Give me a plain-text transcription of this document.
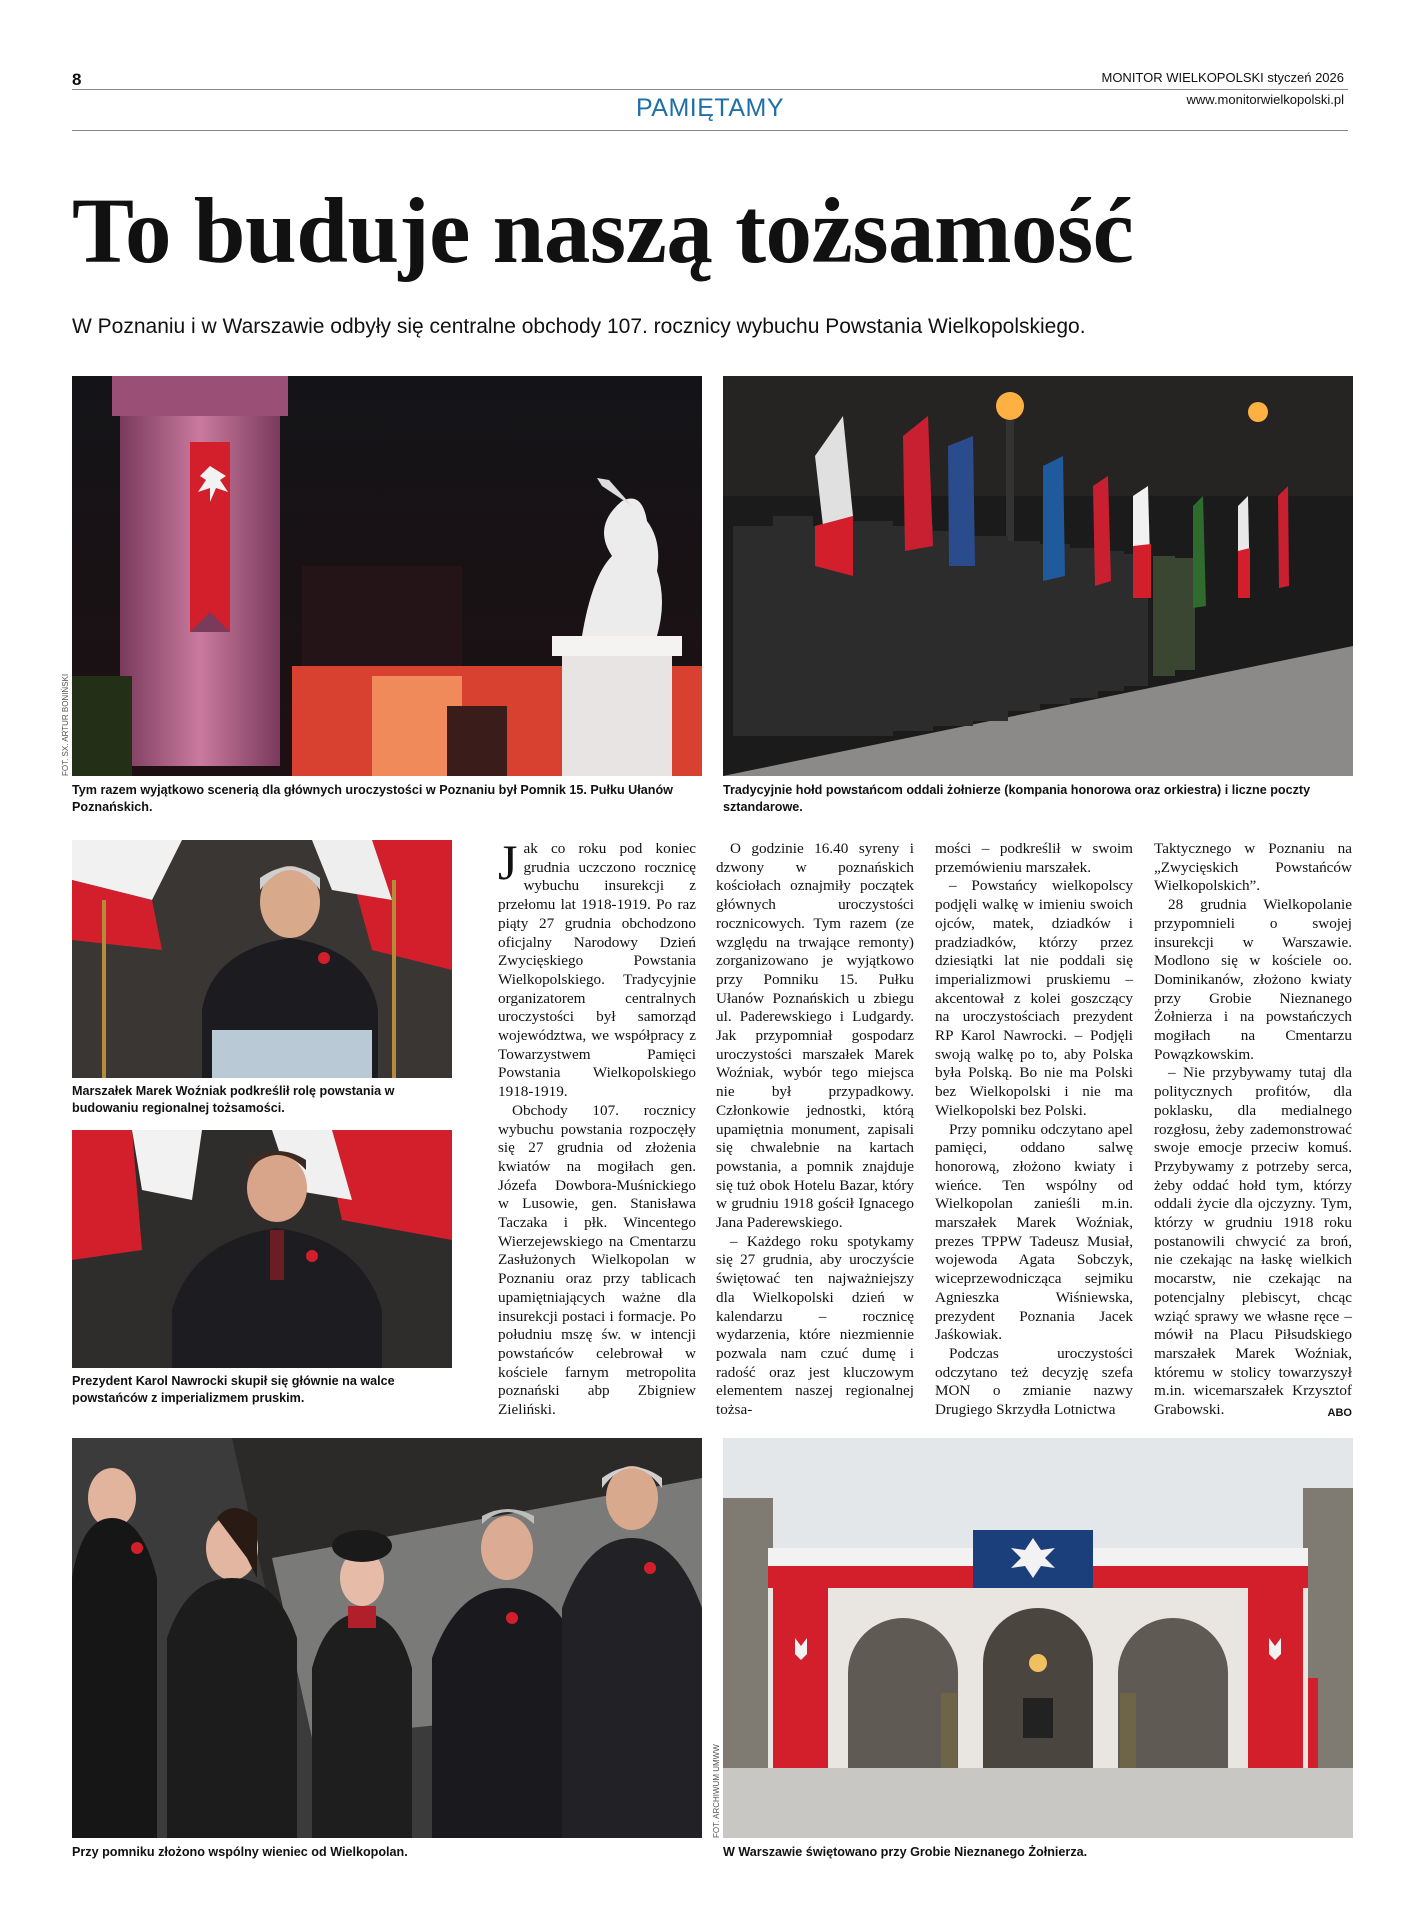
8	MONITOR WIELKOPOLSKI styczeń 2026
www.monitorwielkopolski.pl
PAMIĘTAMY
To buduje naszą tożsamość
W Poznaniu i w Warszawie odbyły się centralne obchody 107. rocznicy wybuchu Powstania Wielkopolskiego.
FOT. SX. ARTUR BONIŃSKI
Tym razem wyjątkowo scenerią dla głównych uroczystości w Poznaniu był Pomnik 15. Pułku Ułanów Poznańskich.
Tradycyjnie hołd powstańcom oddali żołnierze (kompania honorowa oraz orkiestra) i liczne poczty sztandarowe.
Marszałek Marek Woźniak podkreślił rolę powstania w budowaniu regionalnej tożsamości.
Prezydent Karol Nawrocki skupił się głównie na walce powstańców z imperializmem pruskim.

Jak co roku pod koniec grudnia uczczono rocznicę wybuchu insurekcji z przełomu lat 1918-1919. Po raz piąty 27 grudnia obchodzono oficjalny Narodowy Dzień Zwycięskiego Powstania Wielkopolskiego. Tradycyjnie organizatorem centralnych uroczystości był samorząd województwa, we współpracy z Towarzystwem Pamięci Powstania Wielkopolskiego 1918-1919.

Obchody 107. rocznicy wybuchu powstania rozpoczęły się 27 grudnia od złożenia kwiatów na mogiłach gen. Józefa Dowbora-Muśnickiego w Lusowie, gen. Stanisława Taczaka i płk. Wincentego Wierzejewskiego na Cmentarzu Zasłużonych Wielkopolan w Poznaniu oraz przy tablicach upamiętniających ważne dla insurekcji postaci i formacje. Po południu mszę św. w intencji powstańców celebrował w kościele farnym metropolita poznański abp Zbigniew Zieliński.

O godzinie 16.40 syreny i dzwony w poznańskich kościołach oznajmiły początek głównych uroczystości rocznicowych. Tym razem (ze względu na trwające remonty) zorganizowano je wyjątkowo przy Pomniku 15. Pułku Ułanów Poznańskich u zbiegu ul. Paderewskiego i Ludgardy. Jak przypomniał gospodarz uroczystości marszałek Marek Woźniak, wybór tego miejsca nie był przypadkowy. Członkowie jednostki, którą upamiętnia monument, zapisali się chwalebnie na kartach powstania, a pomnik znajduje się tuż obok Hotelu Bazar, który w grudniu 1918 gościł Ignacego Jana Paderewskiego.

– Każdego roku spotykamy się 27 grudnia, aby uroczyście świętować ten najważniejszy dla Wielkopolski dzień w kalendarzu – rocznicę wydarzenia, które niezmiennie pozwala nam czuć dumę i radość oraz jest kluczowym elementem naszej regionalnej tożsa-

mości – podkreślił w swoim przemówieniu marszałek.

– Powstańcy wielkopolscy podjęli walkę w imieniu swoich ojców, matek, dziadków i pradziadków, którzy przez dziesiątki lat nie poddali się imperializmowi pruskiemu – akcentował z kolei goszczący na uroczystościach prezydent RP Karol Nawrocki. – Podjęli swoją walkę po to, aby Polska była Polską. Bo nie ma Polski bez Wielkopolski i nie ma Wielkopolski bez Polski.

Przy pomniku odczytano apel pamięci, oddano salwę honorową, złożono kwiaty i wieńce. Ten wspólny od Wielkopolan zanieśli m.in. marszałek Marek Woźniak, prezes TPPW Tadeusz Musiał, wojewoda Agata Sobczyk, wiceprzewodnicząca sejmiku Agnieszka Wiśniewska, prezydent Poznania Jacek Jaśkowiak.

Podczas uroczystości odczytano też decyzję szefa MON o zmianie nazwy Drugiego Skrzydła Lotnictwa

Taktycznego w Poznaniu na „Zwycięskich Powstańców Wielkopolskich”.

28 grudnia Wielkopolanie przypomnieli o swojej insurekcji w Warszawie. Modlono się w kościele oo. Dominikanów, złożono kwiaty przy Grobie Nieznanego Żołnierza i na powstańczych mogiłach na Cmentarzu Powązkowskim.

– Nie przybywamy tutaj dla politycznych profitów, dla poklasku, dla medialnego rozgłosu, żeby zademonstrować swoje emocje przeciw komuś. Przybywamy z potrzeby serca, żeby oddać hołd tym, którzy oddali życie dla ojczyzny. Tym, którzy w grudniu 1918 roku postanowili chwycić za broń, nie czekając na łaskę wielkich mocarstw, nie czekając na potencjalny plebiscyt, chcąc wziąć sprawy we własne ręce – mówił na Placu Piłsudskiego marszałek Marek Woźniak, któremu w stolicy towarzyszył m.in. wicemarszałek Krzysztof Grabowski.	ABO

Przy pomniku złożono wspólny wieniec od Wielkopolan.
FOT. ARCHIWUM UMWW
W Warszawie świętowano przy Grobie Nieznanego Żołnierza.
